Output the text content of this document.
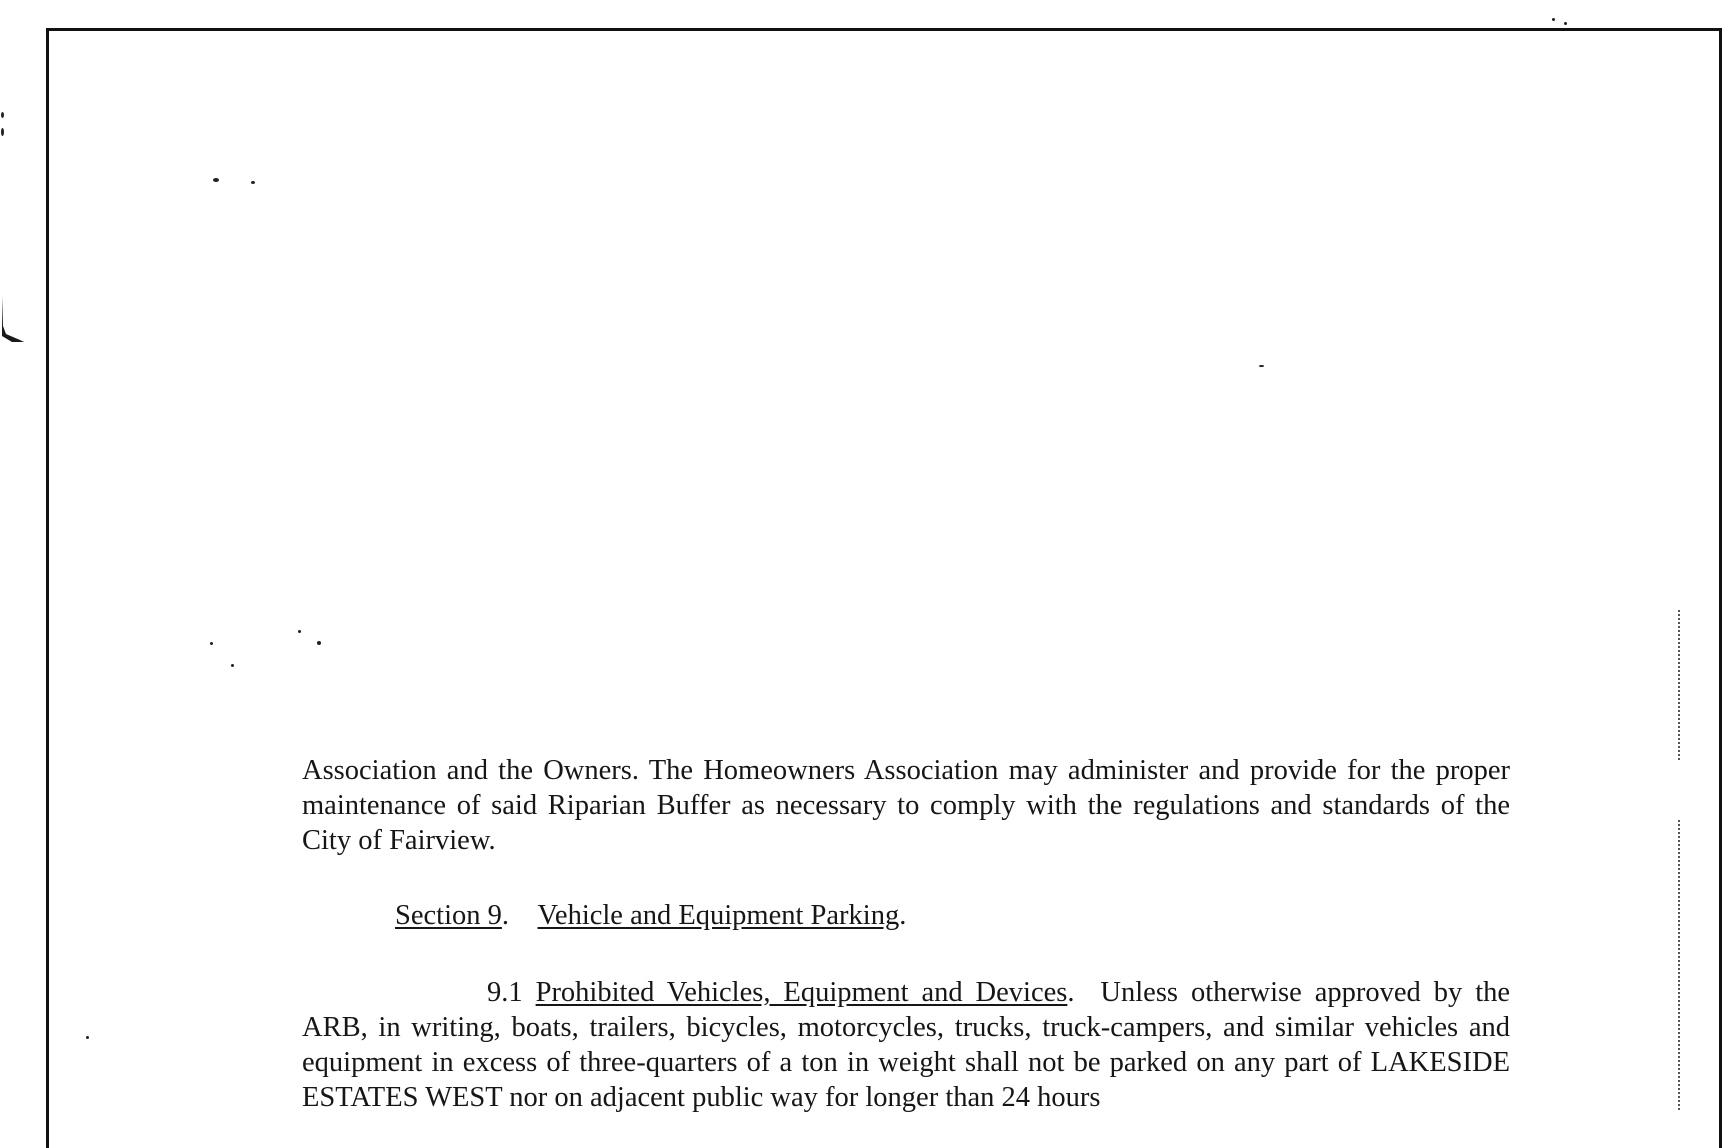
Association and the Owners. The Homeowners Association may administer and provide for the proper maintenance of said Riparian Buffer as necessary to comply with the regulations and standards of the City of Fairview.
Section 9.    Vehicle and Equipment Parking.
9.1 Prohibited Vehicles, Equipment and Devices.  Unless otherwise approved by the ARB, in writing, boats, trailers, bicycles, motorcycles, trucks, truck-campers, and similar vehicles and equipment in excess of three-quarters of a ton in weight shall not be parked on any part of LAKESIDE ESTATES WEST nor on adjacent public way for longer than 24 hours
